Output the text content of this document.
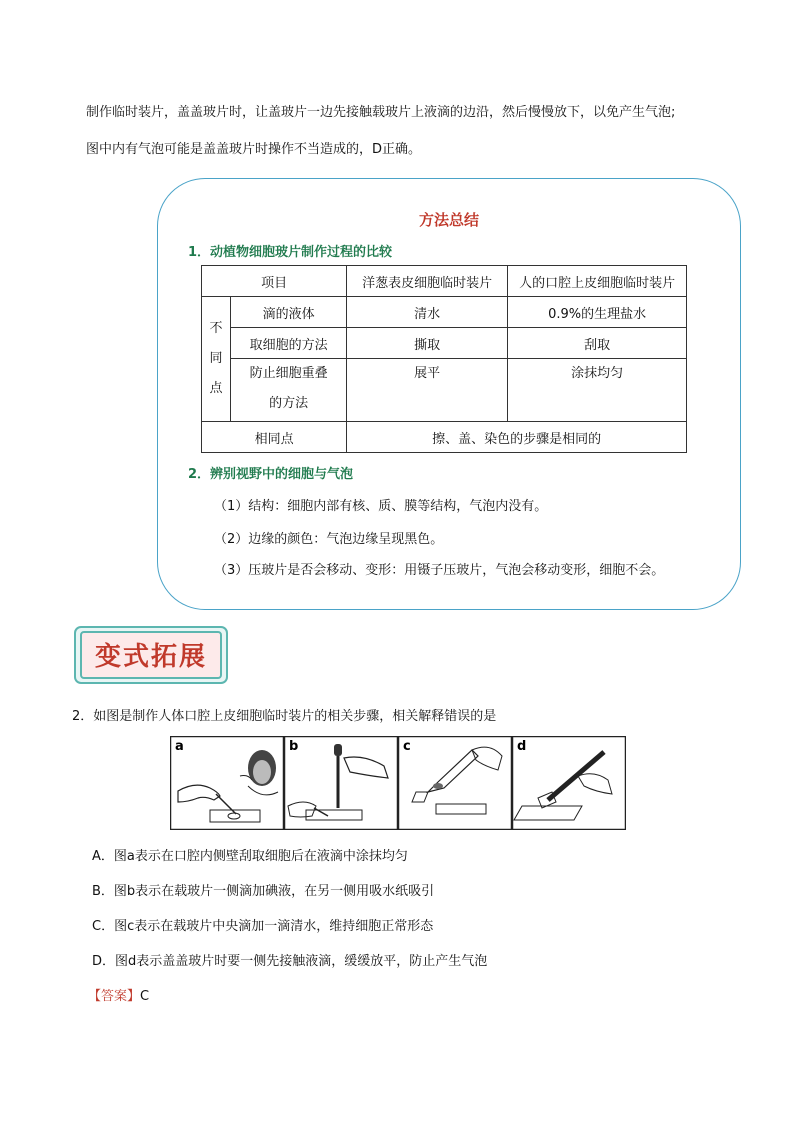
制作临时装片，盖盖玻片时，让盖玻片一边先接触载玻片上液滴的边沿，然后慢慢放下，以免产生气泡;
图中内有气泡可能是盖盖玻片时操作不当造成的，D正确。
方法总结
1．动植物细胞玻片制作过程的比较
项目		洋葱表皮细胞临时装片	人的口腔上皮细胞临时装片

不
同
点	滴的液体	清水	0.9%的生理盐水
	取细胞的方法	撕取	刮取

	防止细胞重叠
的方法	展平	涂抹均匀
相同点		擦、盖、染色的步骤是相同的	
2．辨别视野中的细胞与气泡
（1）结构：细胞内部有核、质、膜等结构，气泡内没有。
（2）边缘的颜色：气泡边缘呈现黑色。
（3）压玻片是否会移动、变形：用镊子压玻片，气泡会移动变形，细胞不会。
变式拓展
2．如图是制作人体口腔上皮细胞临时装片的相关步骤，相关解释错误的是
a	b	c	d
A．图a表示在口腔内侧壁刮取细胞后在液滴中涂抹均匀
B．图b表示在载玻片一侧滴加碘液，在另一侧用吸水纸吸引
C．图c表示在载玻片中央滴加一滴清水，维持细胞正常形态
D．图d表示盖盖玻片时要一侧先接触液滴，缓缓放平，防止产生气泡
【答案】C
